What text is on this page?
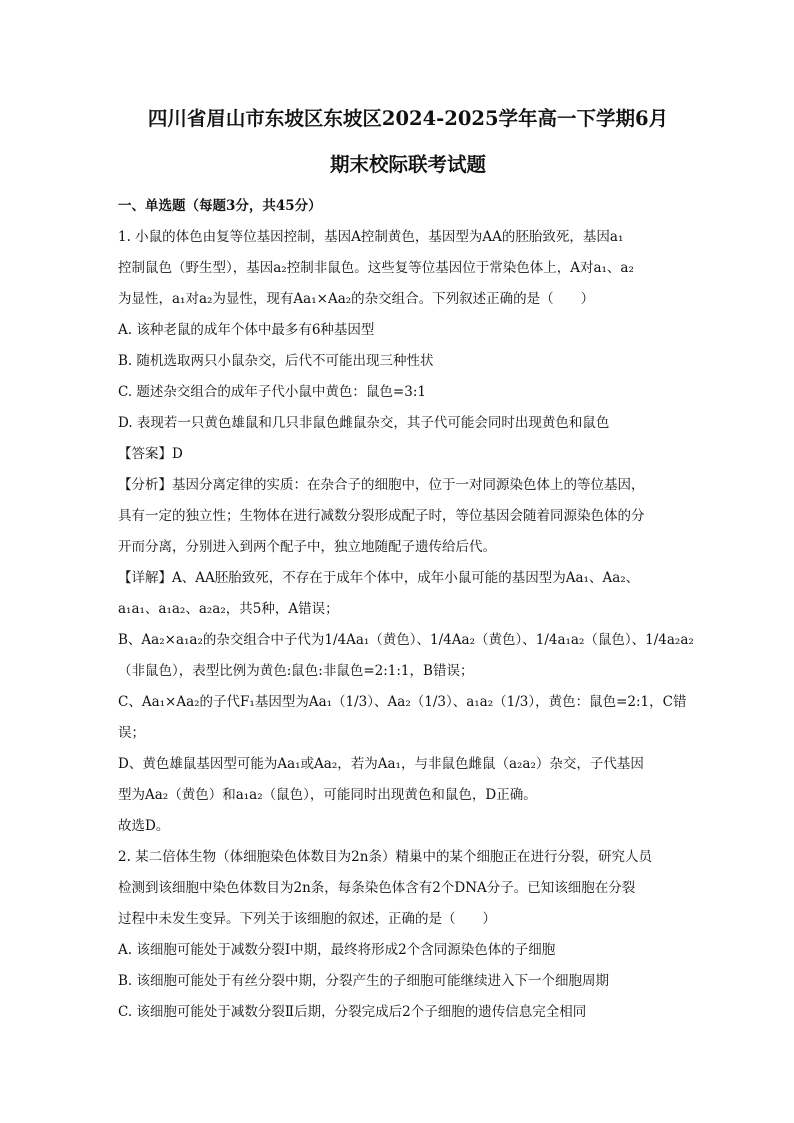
四川省眉山市东坡区东坡区2024-2025学年高一下学期6月
期末校际联考试题
一、单选题（每题3分，共45分）
1. 小鼠的体色由复等位基因控制，基因A控制黄色，基因型为AA的胚胎致死，基因a₁
控制鼠色（野生型），基因a₂控制非鼠色。这些复等位基因位于常染色体上，A对a₁、a₂
为显性，a₁对a₂为显性，现有Aa₁×Aa₂的杂交组合。下列叙述正确的是（　　）
A. 该种老鼠的成年个体中最多有6种基因型
B. 随机选取两只小鼠杂交，后代不可能出现三种性状
C. 题述杂交组合的成年子代小鼠中黄色：鼠色=3:1
D. 表现若一只黄色雄鼠和几只非鼠色雌鼠杂交，其子代可能会同时出现黄色和鼠色
【答案】D
【分析】基因分离定律的实质：在杂合子的细胞中，位于一对同源染色体上的等位基因，
具有一定的独立性；生物体在进行减数分裂形成配子时，等位基因会随着同源染色体的分
开而分离，分别进入到两个配子中，独立地随配子遗传给后代。
【详解】A、AA胚胎致死，不存在于成年个体中，成年小鼠可能的基因型为Aa₁、Aa₂、
a₁a₁、a₁a₂、a₂a₂，共5种，A错误；
B、Aa₂×a₁a₂的杂交组合中子代为1/4Aa₁（黄色）、1/4Aa₂（黄色）、1/4a₁a₂（鼠色）、1/4a₂a₂
（非鼠色），表型比例为黄色:鼠色:非鼠色=2:1:1，B错误；
C、Aa₁×Aa₂的子代F₁基因型为Aa₁（1/3）、Aa₂（1/3）、a₁a₂（1/3），黄色：鼠色=2:1，C错
误；
D、黄色雄鼠基因型可能为Aa₁或Aa₂，若为Aa₁，与非鼠色雌鼠（a₂a₂）杂交，子代基因
型为Aa₂（黄色）和a₁a₂（鼠色），可能同时出现黄色和鼠色，D正确。
故选D。
2. 某二倍体生物（体细胞染色体数目为2n条）精巢中的某个细胞正在进行分裂，研究人员
检测到该细胞中染色体数目为2n条，每条染色体含有2个DNA分子。已知该细胞在分裂
过程中未发生变异。下列关于该细胞的叙述，正确的是（　　）
A. 该细胞可能处于减数分裂Ⅰ中期，最终将形成2个含同源染色体的子细胞
B. 该细胞可能处于有丝分裂中期，分裂产生的子细胞可能继续进入下一个细胞周期
C. 该细胞可能处于减数分裂Ⅱ后期，分裂完成后2个子细胞的遗传信息完全相同
